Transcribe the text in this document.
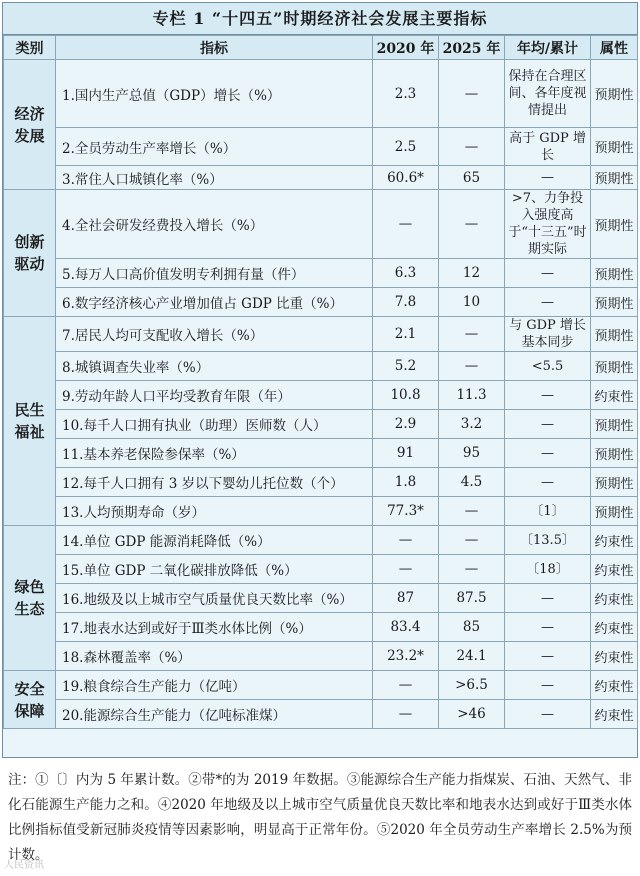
专栏 1 “十四五”时期经济社会发展主要指标
类别	指标	2020 年	2025 年	年均/累计	属性
经济发展	1.国内生产总值（GDP）增长（%）	2.3	—	保持在合理区间、各年度视情提出	预期性
	2.全员劳动生产率增长（%）	2.5	—	高于 GDP 增长	预期性
	3.常住人口城镇化率（%）	60.6*	65	—	预期性
创新驱动	4.全社会研发经费投入增长（%）	—	—	>7、力争投入强度高于“十三五”时期实际	预期性
	5.每万人口高价值发明专利拥有量（件）	6.3	12	—	预期性
	6.数字经济核心产业增加值占 GDP 比重（%）	7.8	10	—	预期性
民生福祉	7.居民人均可支配收入增长（%）	2.1	—	与 GDP 增长基本同步	预期性
	8.城镇调查失业率（%）	5.2	—	<5.5	预期性
	9.劳动年龄人口平均受教育年限（年）	10.8	11.3	—	约束性
	10.每千人口拥有执业（助理）医师数（人）	2.9	3.2	—	预期性
	11.基本养老保险参保率（%）	91	95	—	预期性
	12.每千人口拥有 3 岁以下婴幼儿托位数（个）	1.8	4.5	—	预期性
	13.人均预期寿命（岁）	77.3*	—	〔1〕	预期性
绿色生态	14.单位 GDP 能源消耗降低（%）	—	—	〔13.5〕	约束性
	15.单位 GDP 二氧化碳排放降低（%）	—	—	〔18〕	约束性
	16.地级及以上城市空气质量优良天数比率（%）	87	87.5	—	约束性
	17.地表水达到或好于Ⅲ类水体比例（%）	83.4	85	—	约束性
	18.森林覆盖率（%）	23.2*	24.1	—	约束性
安全保障	19.粮食综合生产能力（亿吨）	—	>6.5	—	约束性
	20.能源综合生产能力（亿吨标准煤）	—	>46	—	约束性
注：①〔〕内为 5 年累计数。②带*的为 2019 年数据。③能源综合生产能力指煤炭、石油、天然气、非化石能源生产能力之和。④2020 年地级及以上城市空气质量优良天数比率和地表水达到或好于Ⅲ类水体比例指标值受新冠肺炎疫情等因素影响，明显高于正常年份。⑤2020 年全员劳动生产率增长 2.5%为预计数。
人民资讯
